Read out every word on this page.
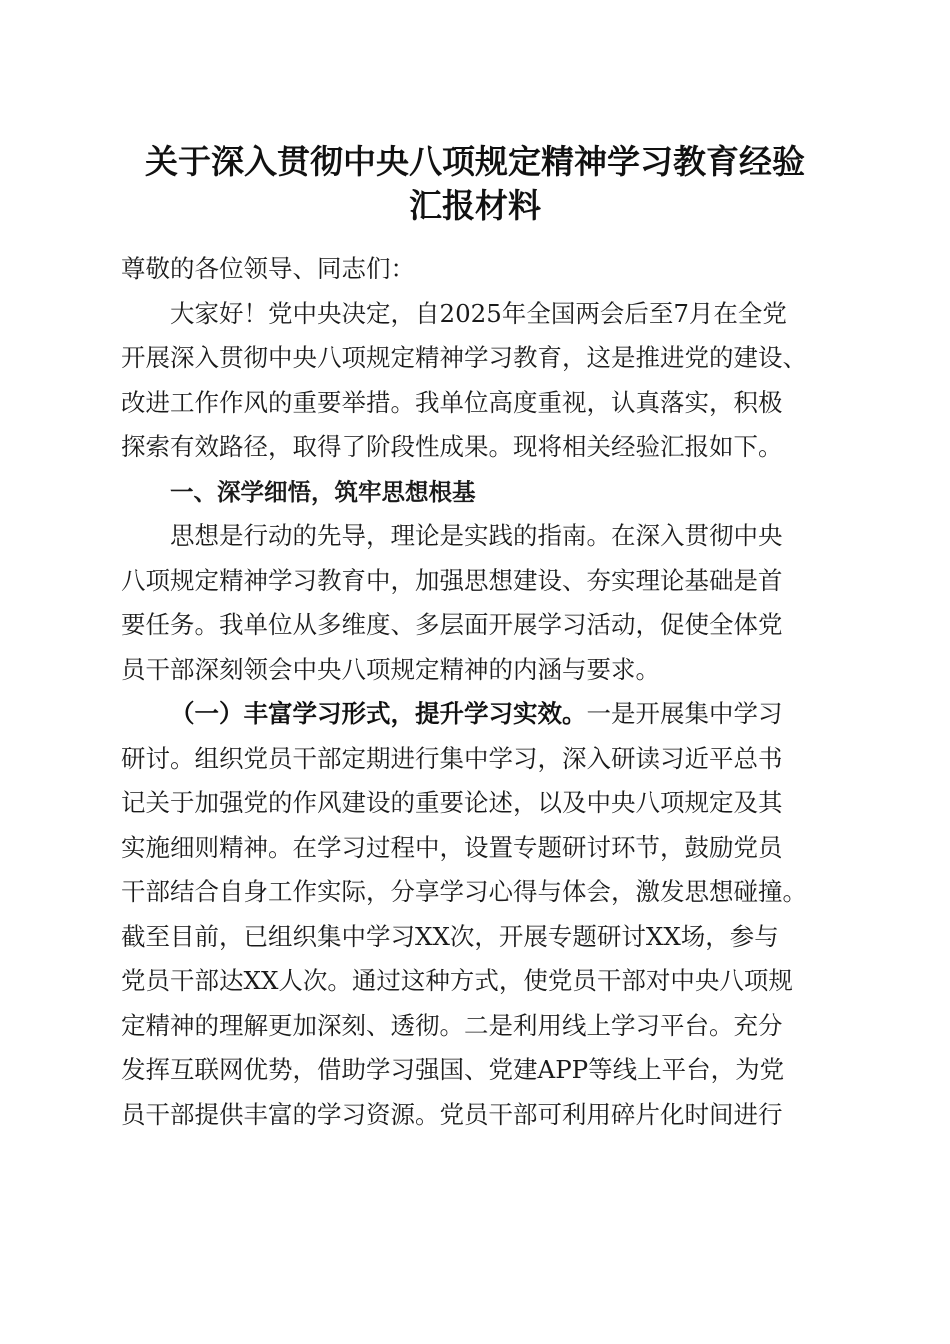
关于深入贯彻中央八项规定精神学习教育经验
汇报材料
尊敬的各位领导、同志们：
大家好！党中央决定，自2025年全国两会后至7月在全党
开展深入贯彻中央八项规定精神学习教育，这是推进党的建设、
改进工作作风的重要举措。我单位高度重视，认真落实，积极
探索有效路径，取得了阶段性成果。现将相关经验汇报如下。
一、深学细悟，筑牢思想根基
思想是行动的先导，理论是实践的指南。在深入贯彻中央
八项规定精神学习教育中，加强思想建设、夯实理论基础是首
要任务。我单位从多维度、多层面开展学习活动，促使全体党
员干部深刻领会中央八项规定精神的内涵与要求。
（一）丰富学习形式，提升学习实效。一是开展集中学习
研讨。组织党员干部定期进行集中学习，深入研读习近平总书
记关于加强党的作风建设的重要论述，以及中央八项规定及其
实施细则精神。在学习过程中，设置专题研讨环节，鼓励党员
干部结合自身工作实际，分享学习心得与体会，激发思想碰撞。
截至目前，已组织集中学习XX次，开展专题研讨XX场，参与
党员干部达XX人次。通过这种方式，使党员干部对中央八项规
定精神的理解更加深刻、透彻。二是利用线上学习平台。充分
发挥互联网优势，借助学习强国、党建APP等线上平台，为党
员干部提供丰富的学习资源。党员干部可利用碎片化时间进行
